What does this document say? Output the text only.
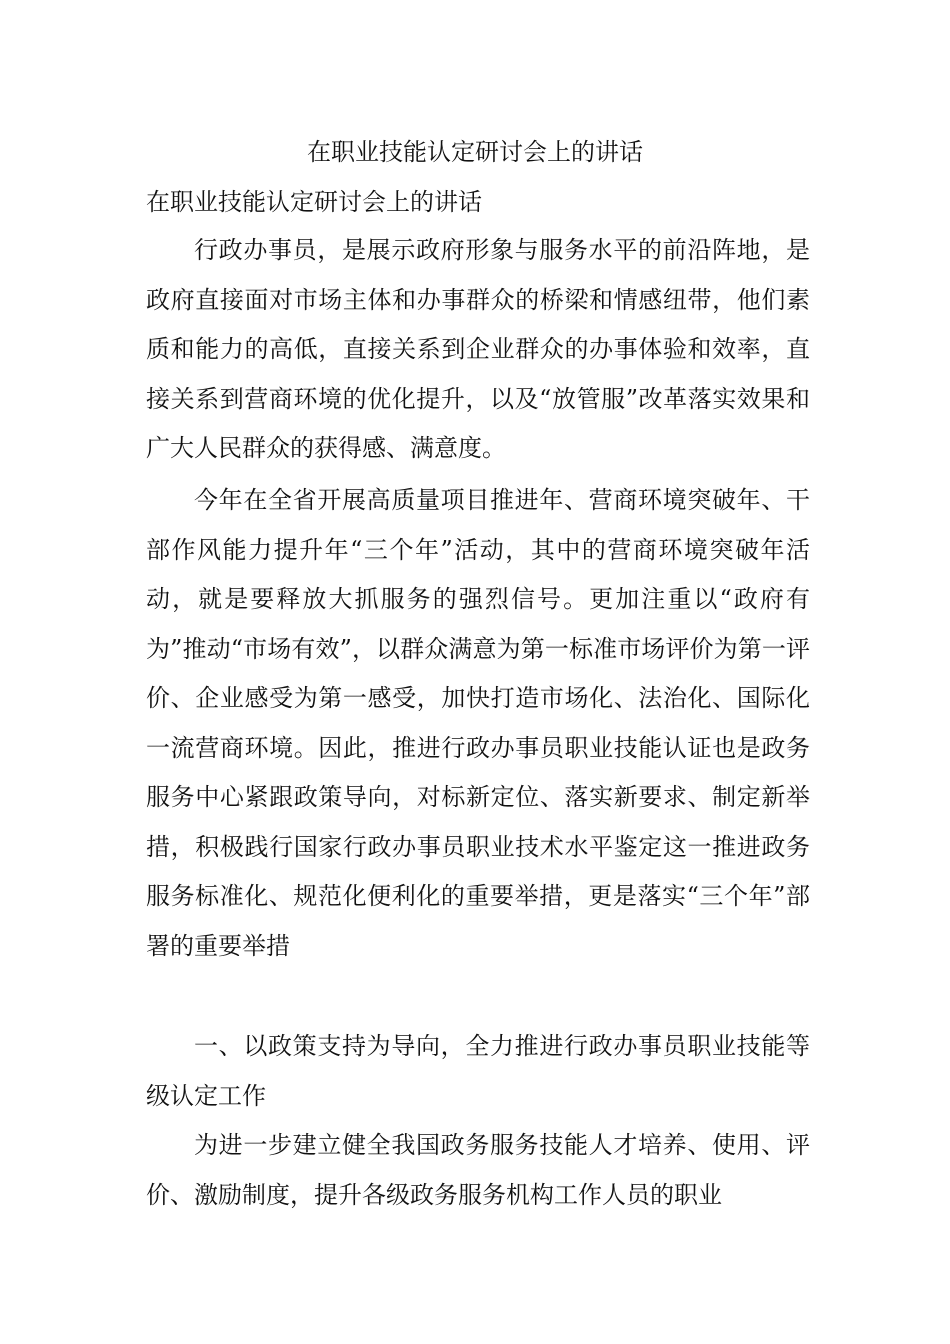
在职业技能认定研讨会上的讲话
在职业技能认定研讨会上的讲话

行政办事员，是展示政府形象与服务水平的前沿阵地，是政府直接面对市场主体和办事群众的桥梁和情感纽带，他们素质和能力的高低，直接关系到企业群众的办事体验和效率，直接关系到营商环境的优化提升，以及“放管服”改革落实效果和广大人民群众的获得感、满意度。

今年在全省开展高质量项目推进年、营商环境突破年、干部作风能力提升年“三个年”活动，其中的营商环境突破年活动，就是要释放大抓服务的强烈信号。更加注重以“政府有为”推动“市场有效”，以群众满意为第一标准市场评价为第一评价、企业感受为第一感受，加快打造市场化、法治化、国际化一流营商环境。因此，推进行政办事员职业技能认证也是政务服务中心紧跟政策导向，对标新定位、落实新要求、制定新举措，积极践行国家行政办事员职业技术水平鉴定这一推进政务服务标准化、规范化便利化的重要举措，更是落实“三个年”部署的重要举措

一、以政策支持为导向，全力推进行政办事员职业技能等级认定工作

为进一步建立健全我国政务服务技能人才培养、使用、评价、激励制度，提升各级政务服务机构工作人员的职业
